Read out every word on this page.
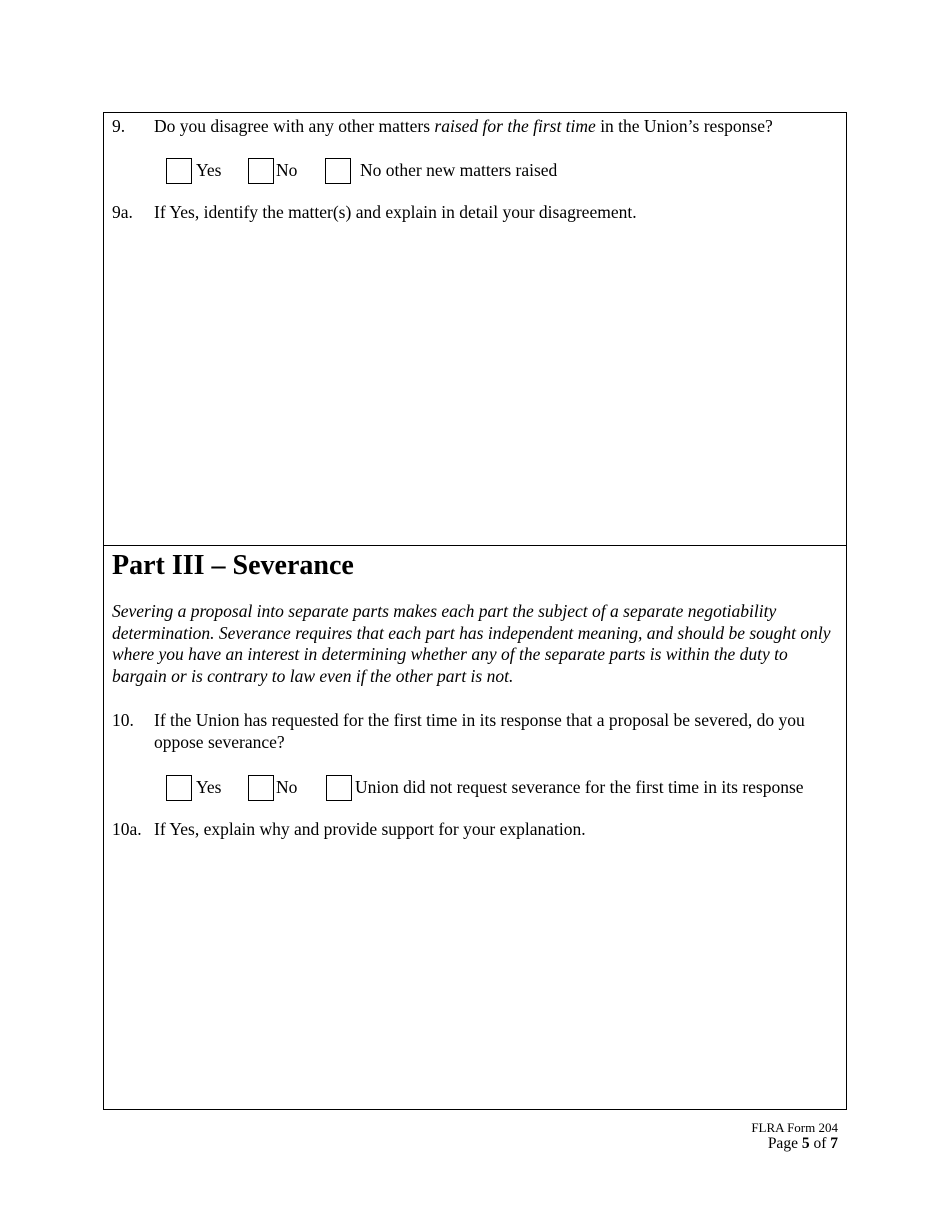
9.	Do you disagree with any other matters raised for the first time in the Union’s response?
Yes	No	No other new matters raised
9a.	If Yes, identify the matter(s) and explain in detail your disagreement.
Part III – Severance
Severing a proposal into separate parts makes each part the subject of a separate negotiability determination. Severance requires that each part has independent meaning, and should be sought only where you have an interest in determining whether any of the separate parts is within the duty to bargain or is contrary to law even if the other part is not.
10.	If the Union has requested for the first time in its response that a proposal be severed, do you oppose severance?
Yes	No	Union did not request severance for the first time in its response
10a. If Yes, explain why and provide support for your explanation.
FLRA Form 204
Page 5 of 7
